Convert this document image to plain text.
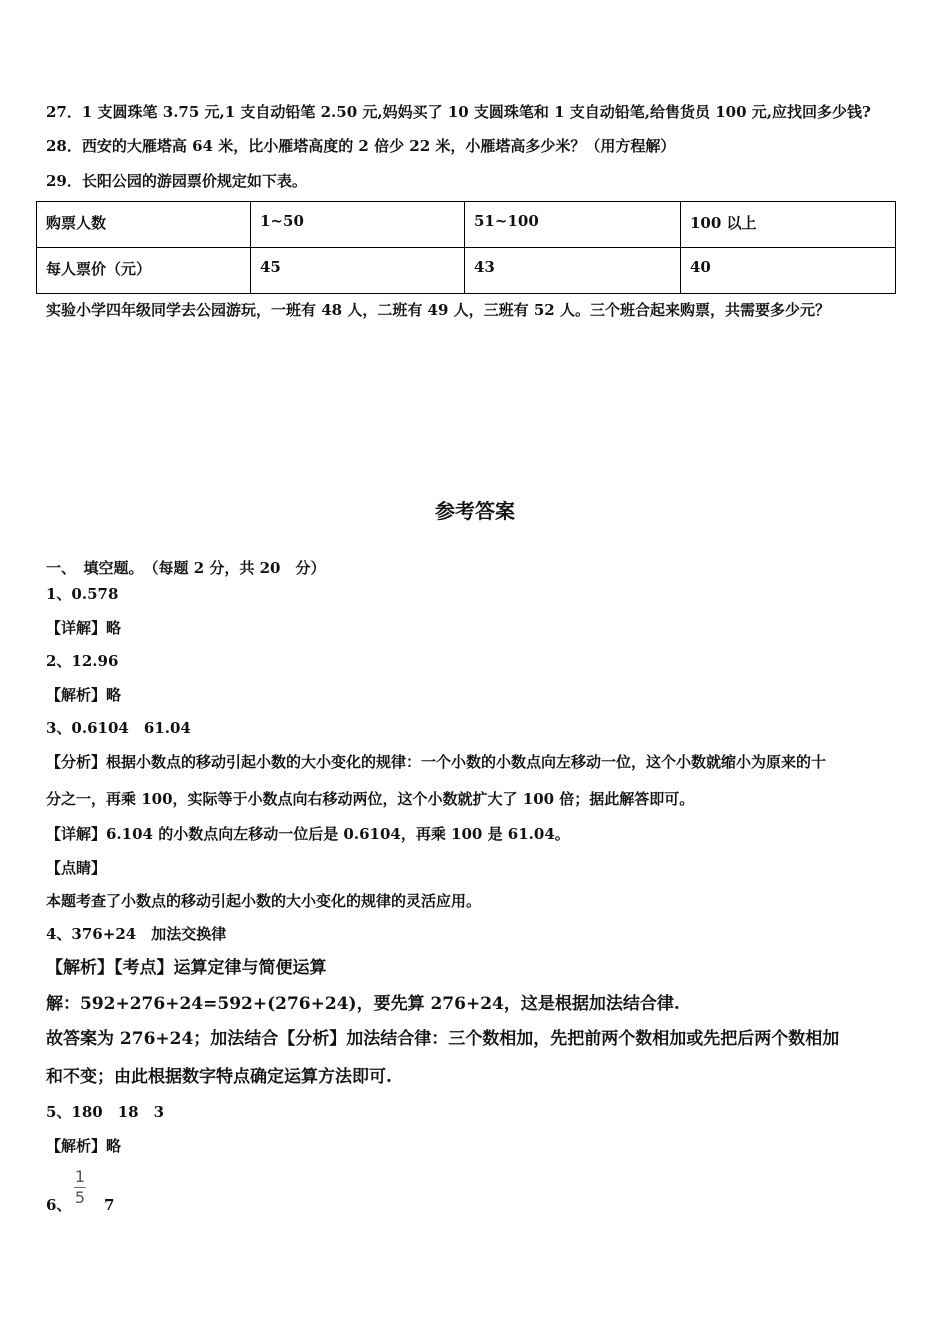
27．1 支圆珠笔 3.75 元,1 支自动铅笔 2.50 元,妈妈买了 10 支圆珠笔和 1 支自动铅笔,给售货员 100 元,应找回多少钱?
28．西安的大雁塔高 64 米，比小雁塔高度的 2 倍少 22 米，小雁塔高多少米？（用方程解）
29．长阳公园的游园票价规定如下表。
购票人数	1~50	51~100	100 以上
每人票价（元）	45	43	40
实验小学四年级同学去公园游玩，一班有 48 人，二班有 49 人，三班有 52 人。三个班合起来购票，共需要多少元？
参考答案
一、　填空题。　（每题 2 分，共 20　分）
1、0.578
【详解】略
2、12.96
【解析】略
3、0.6104　61.04
【分析】根据小数点的移动引起小数的大小变化的规律：一个小数的小数点向左移动一位，这个小数就缩小为原来的十
分之一，再乘 100，实际等于小数点向右移动两位，这个小数就扩大了 100 倍；据此解答即可。
【详解】6.104 的小数点向左移动一位后是 0.6104，再乘 100 是 61.04。
【点睛】
本题考查了小数点的移动引起小数的大小变化的规律的灵活应用。
4、376+24　加法交换律
【解析】【考点】运算定律与简便运算
解：592+276+24=592+(276+24)，要先算 276+24，这是根据加法结合律.
故答案为 276+24；加法结合【分析】加法结合律：三个数相加，先把前两个数相加或先把后两个数相加
和不变；由此根据数字特点确定运算方法即可.
5、180　18　3
【解析】略
6、
1
5 7
